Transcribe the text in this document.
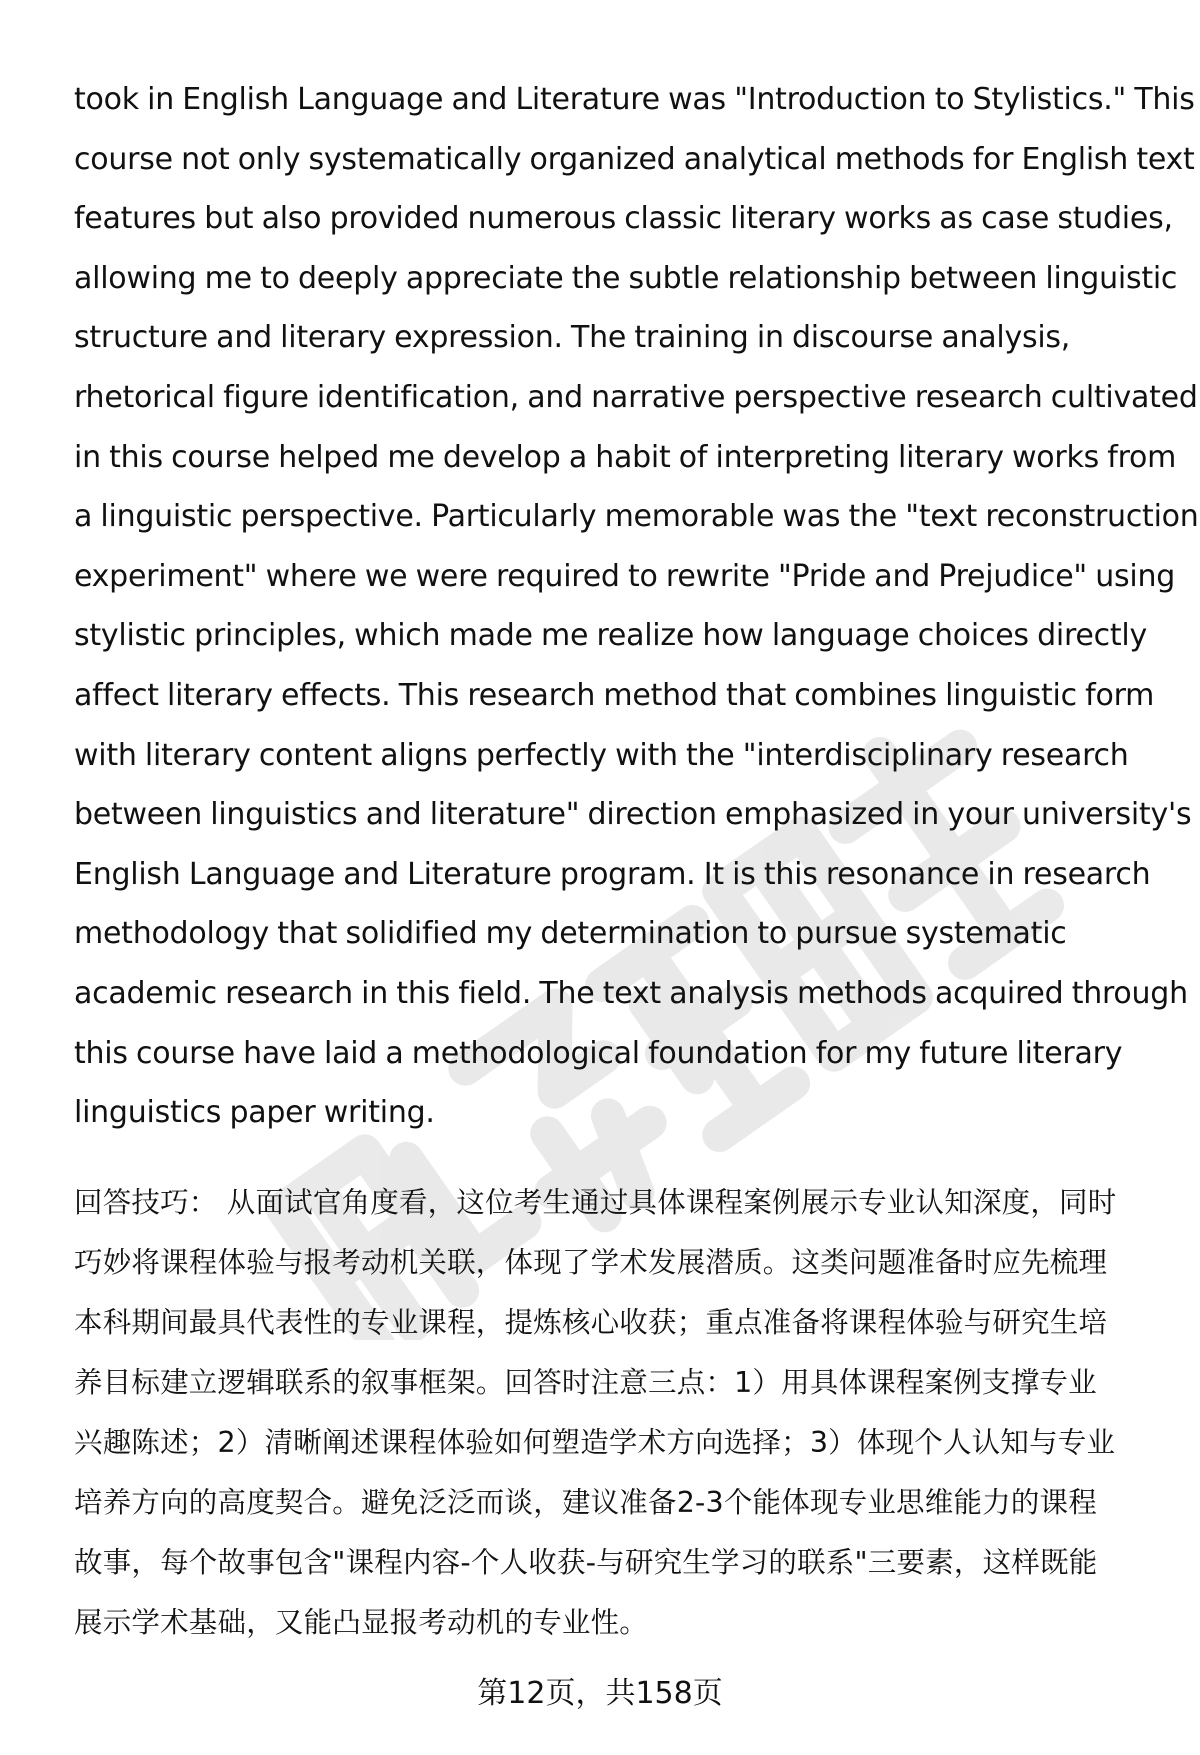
took in English Language and Literature was "Introduction to Stylistics." This
course not only systematically organized analytical methods for English text
features but also provided numerous classic literary works as case studies,
allowing me to deeply appreciate the subtle relationship between linguistic
structure and literary expression. The training in discourse analysis,
rhetorical figure identification, and narrative perspective research cultivated
in this course helped me develop a habit of interpreting literary works from
a linguistic perspective. Particularly memorable was the "text reconstruction
experiment" where we were required to rewrite "Pride and Prejudice" using
stylistic principles, which made me realize how language choices directly
affect literary effects. This research method that combines linguistic form
with literary content aligns perfectly with the "interdisciplinary research
between linguistics and literature" direction emphasized in your university's
English Language and Literature program. It is this resonance in research
methodology that solidified my determination to pursue systematic
academic research in this field. The text analysis methods acquired through
this course have laid a methodological foundation for my future literary
linguistics paper writing.

回答技巧： 从面试官角度看，这位考生通过具体课程案例展示专业认知深度，同时
巧妙将课程体验与报考动机关联，体现了学术发展潜质。这类问题准备时应先梳理
本科期间最具代表性的专业课程，提炼核心收获；重点准备将课程体验与研究生培
养目标建立逻辑联系的叙事框架。回答时注意三点：1）用具体课程案例支撑专业
兴趣陈述；2）清晰阐述课程体验如何塑造学术方向选择；3）体现个人认知与专业
培养方向的高度契合。避免泛泛而谈，建议准备2-3个能体现专业思维能力的课程
故事，每个故事包含"课程内容-个人收获-与研究生学习的联系"三要素，这样既能
展示学术基础，又能凸显报考动机的专业性。
第12页，共158页
